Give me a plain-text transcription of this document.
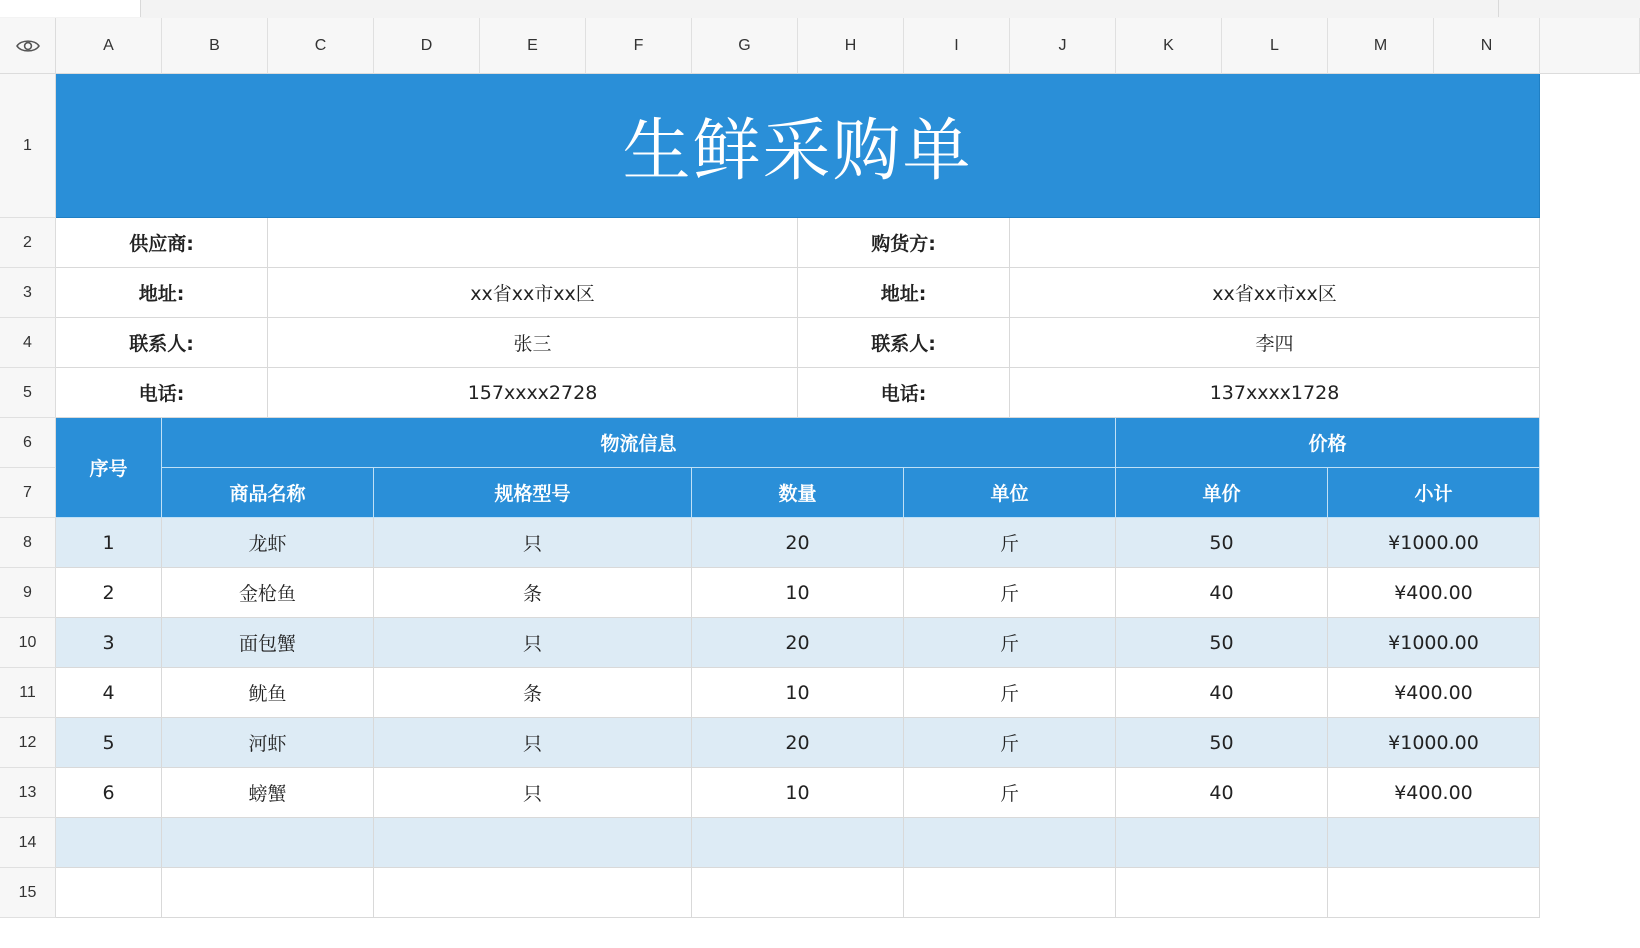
A	B	C	D	E	F	G	H	I	J	K	L	M	N
1
2
3
4
5
6
7
8
9
10
11
12
13
14
15
生鲜采购单
供应商:	购货方:
地址:	xx省xx市xx区	地址:	xx省xx市xx区
联系人:	张三	联系人:	李四
电话:	157xxxx2728	电话:	137xxxx1728
序号
物流信息	价格
商品名称	规格型号	数量	单位	单价	小计
1	龙虾	只	20	斤	50	¥1000.00
2	金枪鱼	条	10	斤	40	¥400.00
3	面包蟹	只	20	斤	50	¥1000.00
4	鱿鱼	条	10	斤	40	¥400.00
5	河虾	只	20	斤	50	¥1000.00
6	螃蟹	只	10	斤	40	¥400.00
